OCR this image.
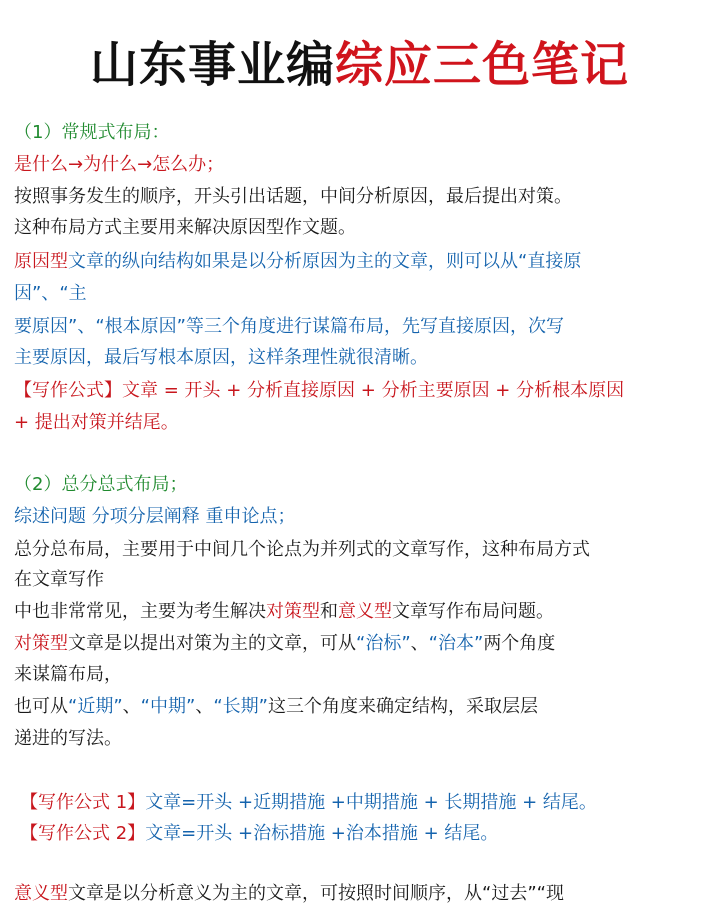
山东事业编综应三色笔记
（1）常规式布局：
是什么→为什么→怎么办；
按照事务发生的顺序，开头引出话题，中间分析原因，最后提出对策。
这种布局方式主要用来解决原因型作文题。
原因型文章的纵向结构如果是以分析原因为主的文章，则可以从“直接原
因”、“主
要原因”、“根本原因”等三个角度进行谋篇布局，先写直接原因，次写
主要原因，最后写根本原因，这样条理性就很清晰。
【写作公式】文章 = 开头 + 分析直接原因 + 分析主要原因 + 分析根本原因
+ 提出对策并结尾。
（2）总分总式布局；
综述问题 分项分层阐释 重申论点；
总分总布局，主要用于中间几个论点为并列式的文章写作，这种布局方式
在文章写作
中也非常常见，主要为考生解决对策型和意义型文章写作布局问题。
对策型文章是以提出对策为主的文章，可从“治标”、“治本”两个角度
来谋篇布局，
也可从“近期”、“中期”、“长期”这三个角度来确定结构，采取层层
递进的写法。
【写作公式 1】文章=开头 +近期措施 +中期措施 + 长期措施 + 结尾。
【写作公式 2】文章=开头 +治标措施 +治本措施 + 结尾。
意义型文章是以分析意义为主的文章，可按照时间顺序，从“过去”“现
